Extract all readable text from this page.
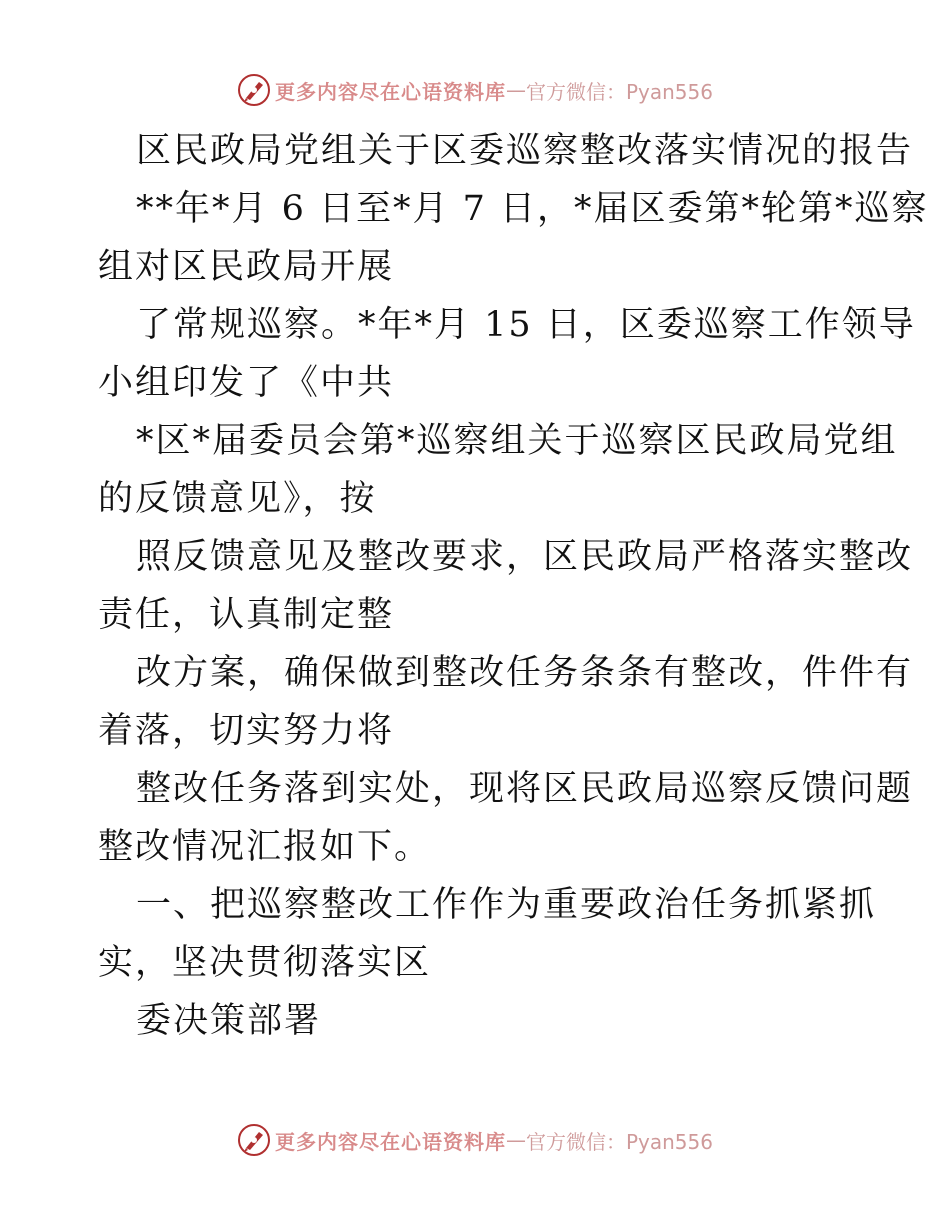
更多内容尽在心语资料库 — 官方微信：Pyan556

区民政局党组关于区委巡察整改落实情况的报告

**年*月 6 日至*月 7 日，*届区委第*轮第*巡察

组对区民政局开展

了常规巡察。*年*月 15 日，区委巡察工作领导

小组印发了《中共

*区*届委员会第*巡察组关于巡察区民政局党组

的反馈意见》，按

照反馈意见及整改要求，区民政局严格落实整改

责任，认真制定整

改方案，确保做到整改任务条条有整改，件件有

着落，切实努力将

整改任务落到实处，现将区民政局巡察反馈问题

整改情况汇报如下。

一、把巡察整改工作作为重要政治任务抓紧抓

实，坚决贯彻落实区

委决策部署

更多内容尽在心语资料库 — 官方微信：Pyan556
